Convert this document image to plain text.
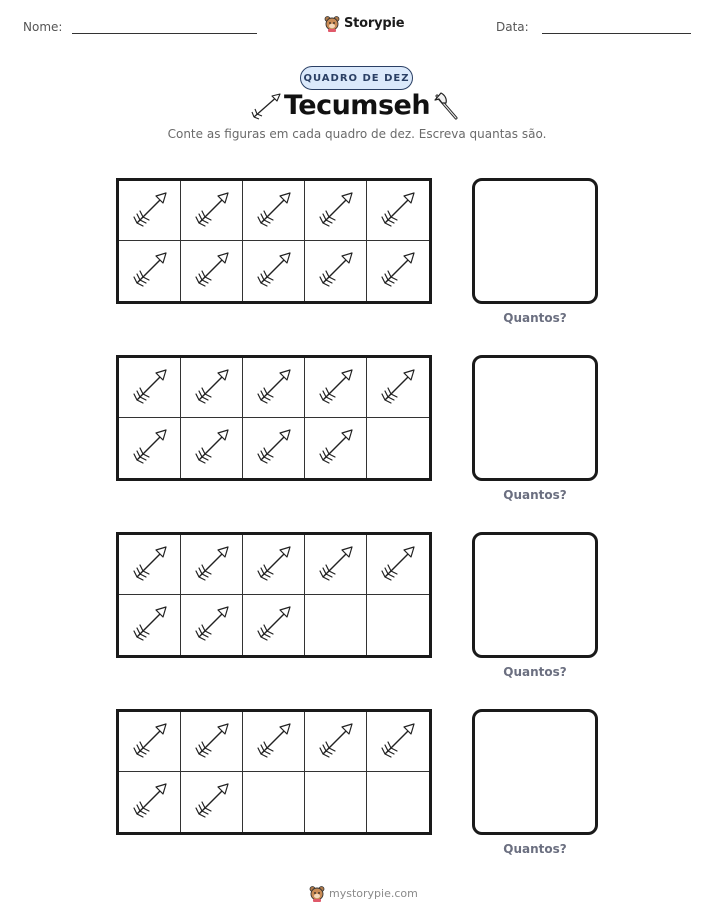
Nome:	Storypie	Data:
QUADRO DE DEZ
Tecumseh
Conte as figuras em cada quadro de dez. Escreva quantas são.
Quantos?
Quantos?
Quantos?
Quantos?
mystorypie.com
